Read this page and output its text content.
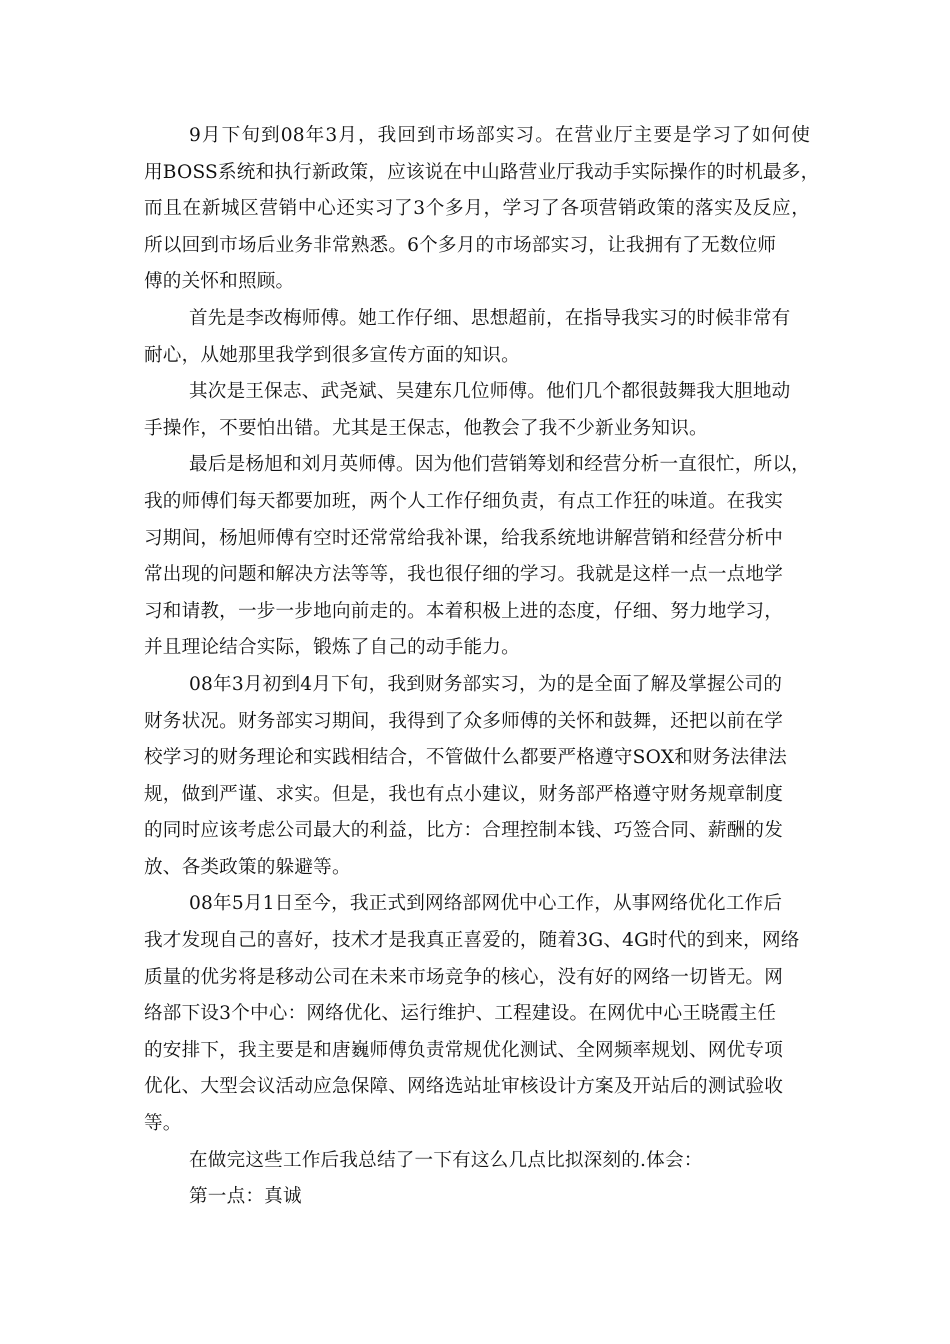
9月下旬到08年3月，我回到市场部实习。在营业厅主要是学习了如何使
用BOSS系统和执行新政策，应该说在中山路营业厅我动手实际操作的时机最多，
而且在新城区营销中心还实习了3个多月，学习了各项营销政策的落实及反应，
所以回到市场后业务非常熟悉。6个多月的市场部实习，让我拥有了无数位师
傅的关怀和照顾。
首先是李改梅师傅。她工作仔细、思想超前，在指导我实习的时候非常有
耐心，从她那里我学到很多宣传方面的知识。
其次是王保志、武尧斌、吴建东几位师傅。他们几个都很鼓舞我大胆地动
手操作，不要怕出错。尤其是王保志，他教会了我不少新业务知识。
最后是杨旭和刘月英师傅。因为他们营销筹划和经营分析一直很忙，所以，
我的师傅们每天都要加班，两个人工作仔细负责，有点工作狂的味道。在我实
习期间，杨旭师傅有空时还常常给我补课，给我系统地讲解营销和经营分析中
常出现的问题和解决方法等等，我也很仔细的学习。我就是这样一点一点地学
习和请教，一步一步地向前走的。本着积极上进的态度，仔细、努力地学习，
并且理论结合实际，锻炼了自己的动手能力。
08年3月初到4月下旬，我到财务部实习，为的是全面了解及掌握公司的
财务状况。财务部实习期间，我得到了众多师傅的关怀和鼓舞，还把以前在学
校学习的财务理论和实践相结合，不管做什么都要严格遵守SOX和财务法律法
规，做到严谨、求实。但是，我也有点小建议，财务部严格遵守财务规章制度
的同时应该考虑公司最大的利益，比方：合理控制本钱、巧签合同、薪酬的发
放、各类政策的躲避等。
08年5月1日至今，我正式到网络部网优中心工作，从事网络优化工作后
我才发现自己的喜好，技术才是我真正喜爱的，随着3G、4G时代的到来，网络
质量的优劣将是移动公司在未来市场竞争的核心，没有好的网络一切皆无。网
络部下设3个中心：网络优化、运行维护、工程建设。在网优中心王晓霞主任
的安排下，我主要是和唐巍师傅负责常规优化测试、全网频率规划、网优专项
优化、大型会议活动应急保障、网络选站址审核设计方案及开站后的测试验收
等。
在做完这些工作后我总结了一下有这么几点比拟深刻的.体会：
第一点：真诚
